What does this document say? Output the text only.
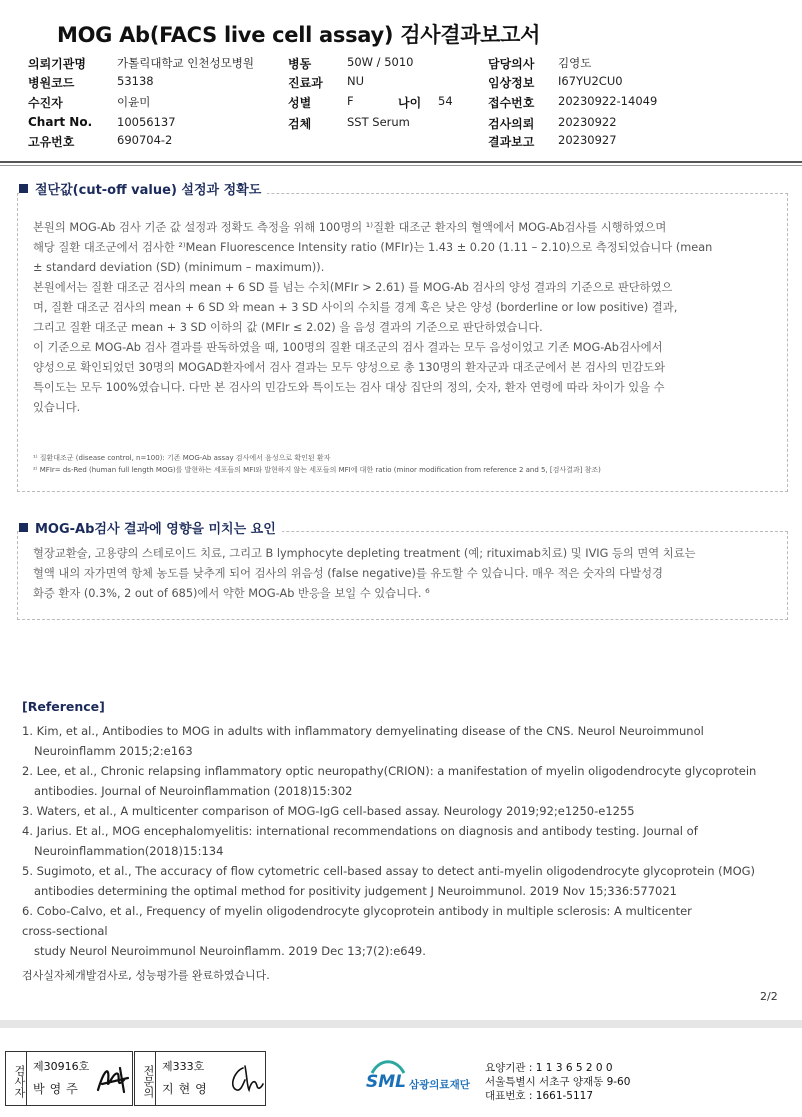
MOG Ab(FACS live cell assay) 검사결과보고서
의뢰기관명	가톨릭대학교 인천성모병원	병동	50W / 5010	담당의사 김영도
병원코드	53138	진료과 NU	임상정보 I67YU2CU0
수진자	이윤미	성별	F	나이 54	접수번호 20230922-14049
Chart No. 10056137	검체	SST Serum	검사의뢰 20230922
고유번호	690704-2	결과보고 20230927
절단값(cut-off value) 설정과 정확도

본원의 MOG-Ab 검사 기준 값 설정과 정확도 측정을 위해 100명의 ¹⁾질환 대조군 환자의 혈액에서 MOG-Ab검사를 시행하였으며

해당 질환 대조군에서 검사한 ²⁾Mean Fluorescence Intensity ratio (MFIr)는 1.43 ± 0.20 (1.11 – 2.10)으로 측정되었습니다 (mean

± standard deviation (SD) (minimum – maximum)).

본원에서는 질환 대조군 검사의 mean + 6 SD 를 넘는 수치(MFIr > 2.61) 를 MOG-Ab 검사의 양성 결과의 기준으로 판단하였으

며, 질환 대조군 검사의 mean + 6 SD 와 mean + 3 SD 사이의 수치를 경계 혹은 낮은 양성 (borderline or low positive) 결과,

그리고 질환 대조군 mean + 3 SD 이하의 값 (MFIr ≤ 2.02) 을 음성 결과의 기준으로 판단하였습니다.

이 기준으로 MOG-Ab 검사 결과를 판독하였을 때, 100명의 질환 대조군의 검사 결과는 모두 음성이었고 기존 MOG-Ab검사에서

양성으로 확인되었던 30명의 MOGAD환자에서 검사 결과는 모두 양성으로 총 130명의 환자군과 대조군에서 본 검사의 민감도와

특이도는 모두 100%였습니다. 다만 본 검사의 민감도와 특이도는 검사 대상 집단의 정의, 숫자, 환자 연령에 따라 차이가 있을 수

있습니다.

¹⁾ 질환대조군 (disease control, n=100): 기존 MOG-Ab assay 검사에서 음성으로 확인된 환자

²⁾ MFIr= ds-Red (human full length MOG)를 발현하는 세포들의 MFI와 발현하지 않는 세포들의 MFI에 대한 ratio (minor modification from reference 2 and 5, [검사결과] 참조)

MOG-Ab검사 결과에 영향을 미치는 요인

혈장교환술, 고용량의 스테로이드 치료, 그리고 B lymphocyte depleting treatment (예; rituximab치료) 및 IVIG 등의 면역 치료는

혈액 내의 자가면역 항체 농도를 낮추게 되어 검사의 위음성 (false negative)를 유도할 수 있습니다. 매우 적은 숫자의 다발성경

화증 환자 (0.3%, 2 out of 685)에서 약한 MOG-Ab 반응을 보일 수 있습니다. ⁶

[Reference]

1. Kim, et al., Antibodies to MOG in adults with inflammatory demyelinating disease of the CNS. Neurol Neuroimmunol

Neuroinflamm 2015;2:e163

2. Lee, et al., Chronic relapsing inflammatory optic neuropathy(CRION): a manifestation of myelin oligodendrocyte glycoprotein

antibodies. Journal of Neuroinflammation (2018)15:302

3. Waters, et al., A multicenter comparison of MOG-IgG cell-based assay. Neurology 2019;92;e1250-e1255

4. Jarius. Et al., MOG encephalomyelitis: international recommendations on diagnosis and antibody testing. Journal of

Neuroinflammation(2018)15:134

5. Sugimoto, et al., The accuracy of flow cytometric cell-based assay to detect anti-myelin oligodendrocyte glycoprotein (MOG)

antibodies determining the optimal method for positivity judgement J Neuroimmunol. 2019 Nov 15;336:577021

6. Cobo-Calvo, et al., Frequency of myelin oligodendrocyte glycoprotein antibody in multiple sclerosis: A multicenter

cross-sectional

study Neurol Neuroimmunol Neuroinflamm. 2019 Dec 13;7(2):e649.

검사실자체개발검사로, 성능평가를 완료하였습니다.
2/2
검사자 제30916호
박영주	전문의 제333호
지현영	SML 삼광의료재단

요양기관 : 1 1 3 6 5 2 0 0

서울특별시 서초구 양재동 9-60

대표번호 : 1661-5117
